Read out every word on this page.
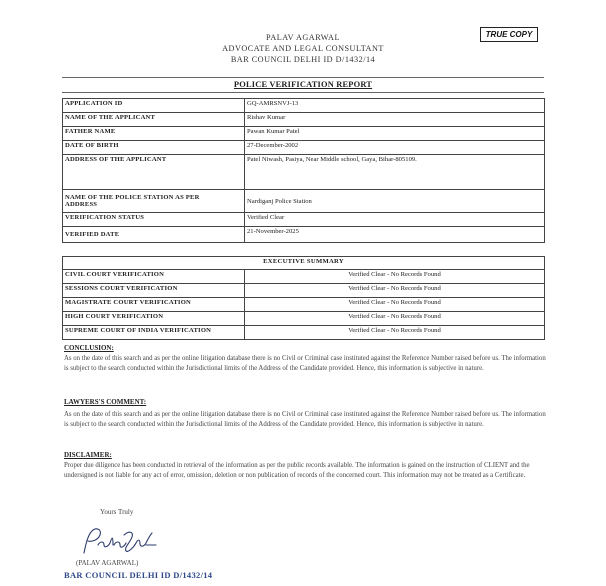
TRUE COPY
PALAV AGARWAL
ADVOCATE AND LEGAL CONSULTANT
BAR COUNCIL DELHI ID D/1432/14
POLICE VERIFICATION REPORT
APPLICATION ID	GQ-AMRSNVJ-13
NAME OF THE APPLICANT	Rishav Kumar
FATHER NAME	Pawan Kumar Patel
DATE OF BIRTH	27-December-2002
ADDRESS OF THE APPLICANT	Patel Niwash, Pasiya, Near Middle school, Gaya, Bihar-805109.

NAME OF THE POLICE STATION AS PER
ADDRESS	Nardiganj Police Station
VERIFICATION STATUS	Verified Clear
VERIFIED DATE	21-November-2025
EXECUTIVE SUMMARY	
CIVIL COURT VERIFICATION	Verified Clear - No Records Found
SESSIONS COURT VERIFICATION	Verified Clear - No Records Found
MAGISTRATE COURT VERIFICATION	Verified Clear - No Records Found
HIGH COURT VERIFICATION	Verified Clear - No Records Found
SUPREME COURT OF INDIA VERIFICATION	Verified Clear - No Records Found
CONCLUSION:
As on the date of this search and as per the online litigation database there is no Civil or Criminal case instituted against the Reference Number raised before us. The information is subject to the search conducted within the Jurisdictional limits of the Address of the Candidate provided. Hence, this information is subjective in nature.
LAWYERS'S COMMENT:
As on the date of this search and as per the online litigation database there is no Civil or Criminal case instituted against the Reference Number raised before us. The information is subject to the search conducted within the Jurisdictional limits of the Address of the Candidate provided. Hence, this information is subjective in nature.
DISCLAIMER:
Proper due diligence has been conducted in retrieval of the information as per the public records available. The information is gained on the instruction of CLIENT and the undersigned is not liable for any act of error, omission, deletion or non publication of records of the concerned court. This information may not be treated as a Certificate.
Yours Truly
(PALAV AGARWAL)
BAR COUNCIL DELHI ID D/1432/14
